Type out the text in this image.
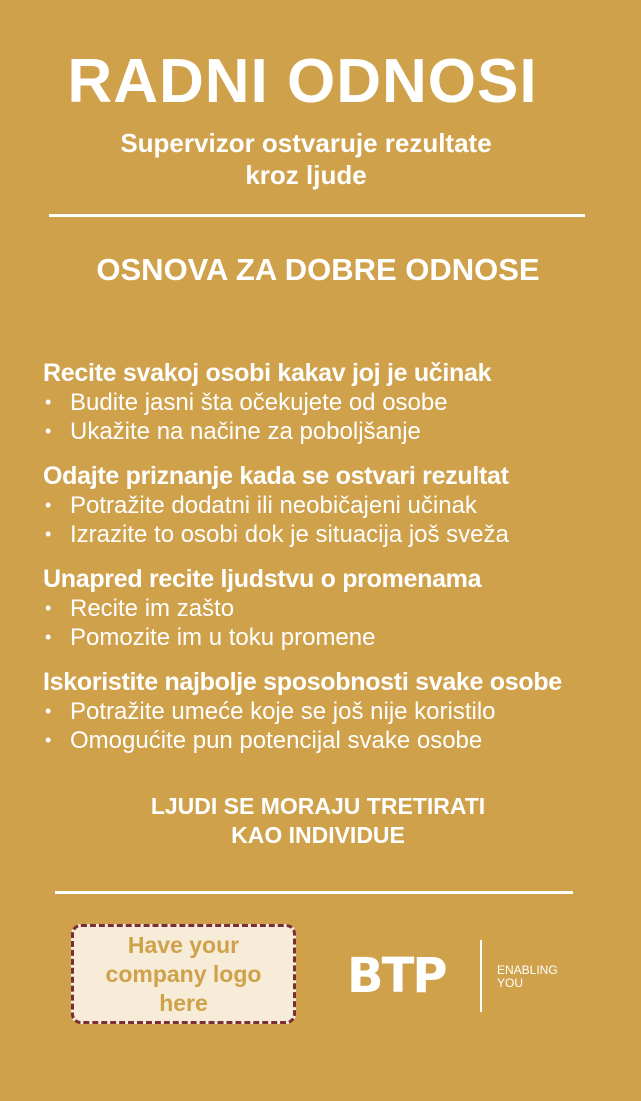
RADNI ODNOSI
Supervizor ostvaruje rezultate
kroz ljude
OSNOVA ZA DOBRE ODNOSE
Recite svakoj osobi kakav joj je učinak
• Budite jasni šta očekujete od osobe
• Ukažite na načine za poboljšanje
Odajte priznanje kada se ostvari rezultat
• Potražite dodatni ili neobičajeni učinak
• Izrazite to osobi dok je situacija još sveža
Unapred recite ljudstvu o promenama
• Recite im zašto
• Pomozite im u toku promene
Iskoristite najbolje sposobnosti svake osobe
• Potražite umeće koje se još nije koristilo
• Omogućite pun potencijal svake osobe
LJUDI SE MORAJU TRETIRATI
KAO INDIVIDUE
Have your
company logo
here	BTP	ENABLING
YOU
